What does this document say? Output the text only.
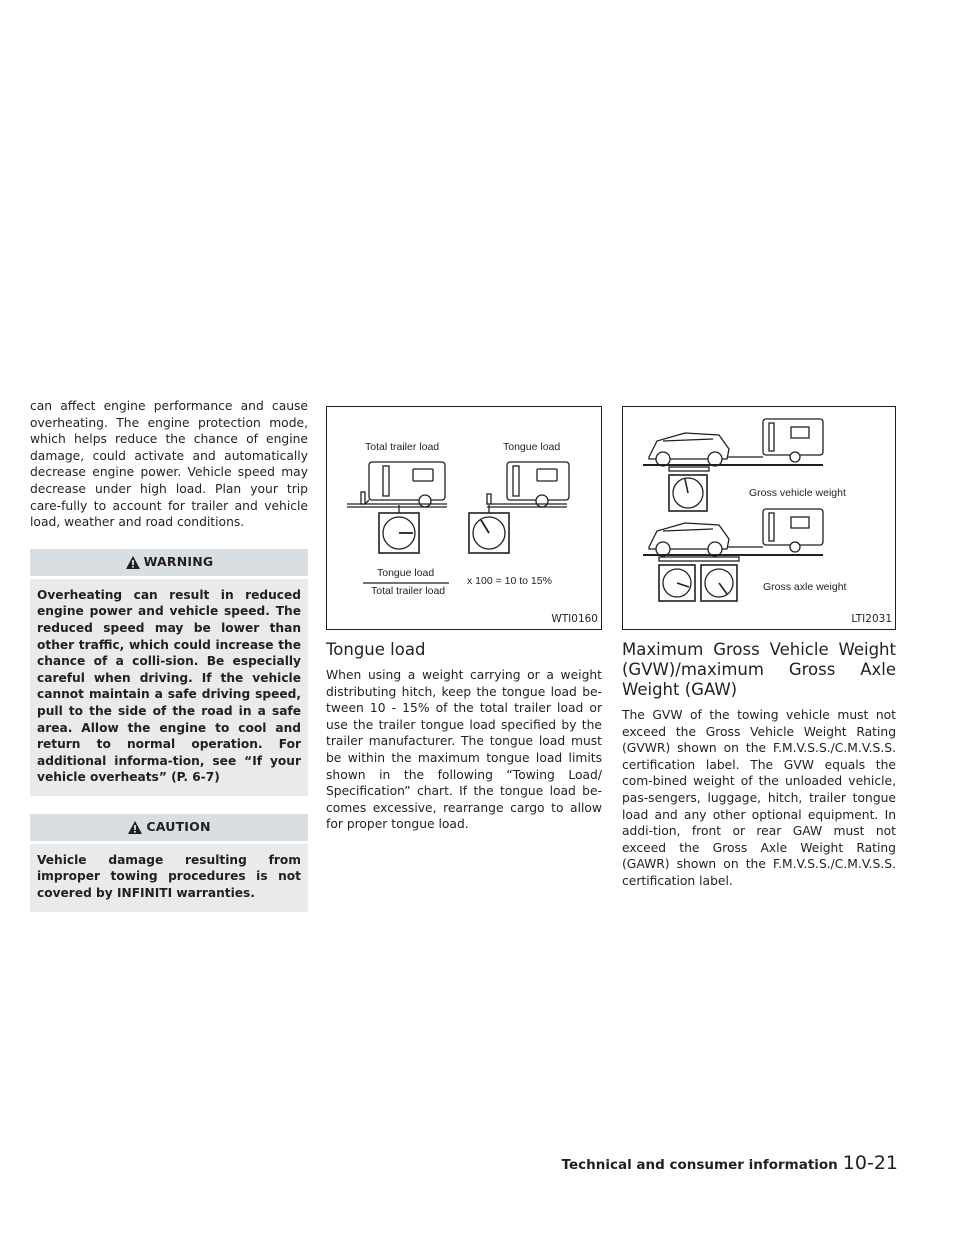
can affect engine performance and cause overheating. The engine protection mode, which helps reduce the chance of engine damage, could activate and automatically decrease engine power. Vehicle speed may decrease under high load. Plan your trip care-fully to account for trailer and vehicle load, weather and road conditions.

WARNING
Overheating can result in reduced engine power and vehicle speed. The reduced speed may be lower than other traffic, which could increase the chance of a colli-sion. Be especially careful when driving. If the vehicle cannot maintain a safe driving speed, pull to the side of the road in a safe area. Allow the engine to cool and return to normal operation. For additional informa-tion, see “If your vehicle overheats” (P. 6-7)
CAUTION
Vehicle damage resulting from improper towing procedures is not covered by INFINITI warranties.
Total trailer load	Tongue load
Tongue load
Total trailer load
x 100 = 10 to 15%
WTI0160
Tongue load

When using a weight carrying or a weight distributing hitch, keep the tongue load be-tween 10 - 15% of the total trailer load or use the trailer tongue load specified by the trailer manufacturer. The tongue load must be within the maximum tongue load limits shown in the following “Towing Load/ Specification” chart. If the tongue load be-comes excessive, rearrange cargo to allow for proper tongue load.

Gross vehicle weight
Gross axle weight
LTI2031
Maximum Gross Vehicle Weight (GVW)/maximum Gross Axle Weight (GAW)

The GVW of the towing vehicle must not exceed the Gross Vehicle Weight Rating (GVWR) shown on the F.M.V.S.S./C.M.V.S.S. certification label. The GVW equals the com-bined weight of the unloaded vehicle, pas-sengers, luggage, hitch, trailer tongue load and any other optional equipment. In addi-tion, front or rear GAW must not exceed the Gross Axle Weight Rating (GAWR) shown on the F.M.V.S.S./C.M.V.S.S. certification label.

Technical and consumer information 10-21
